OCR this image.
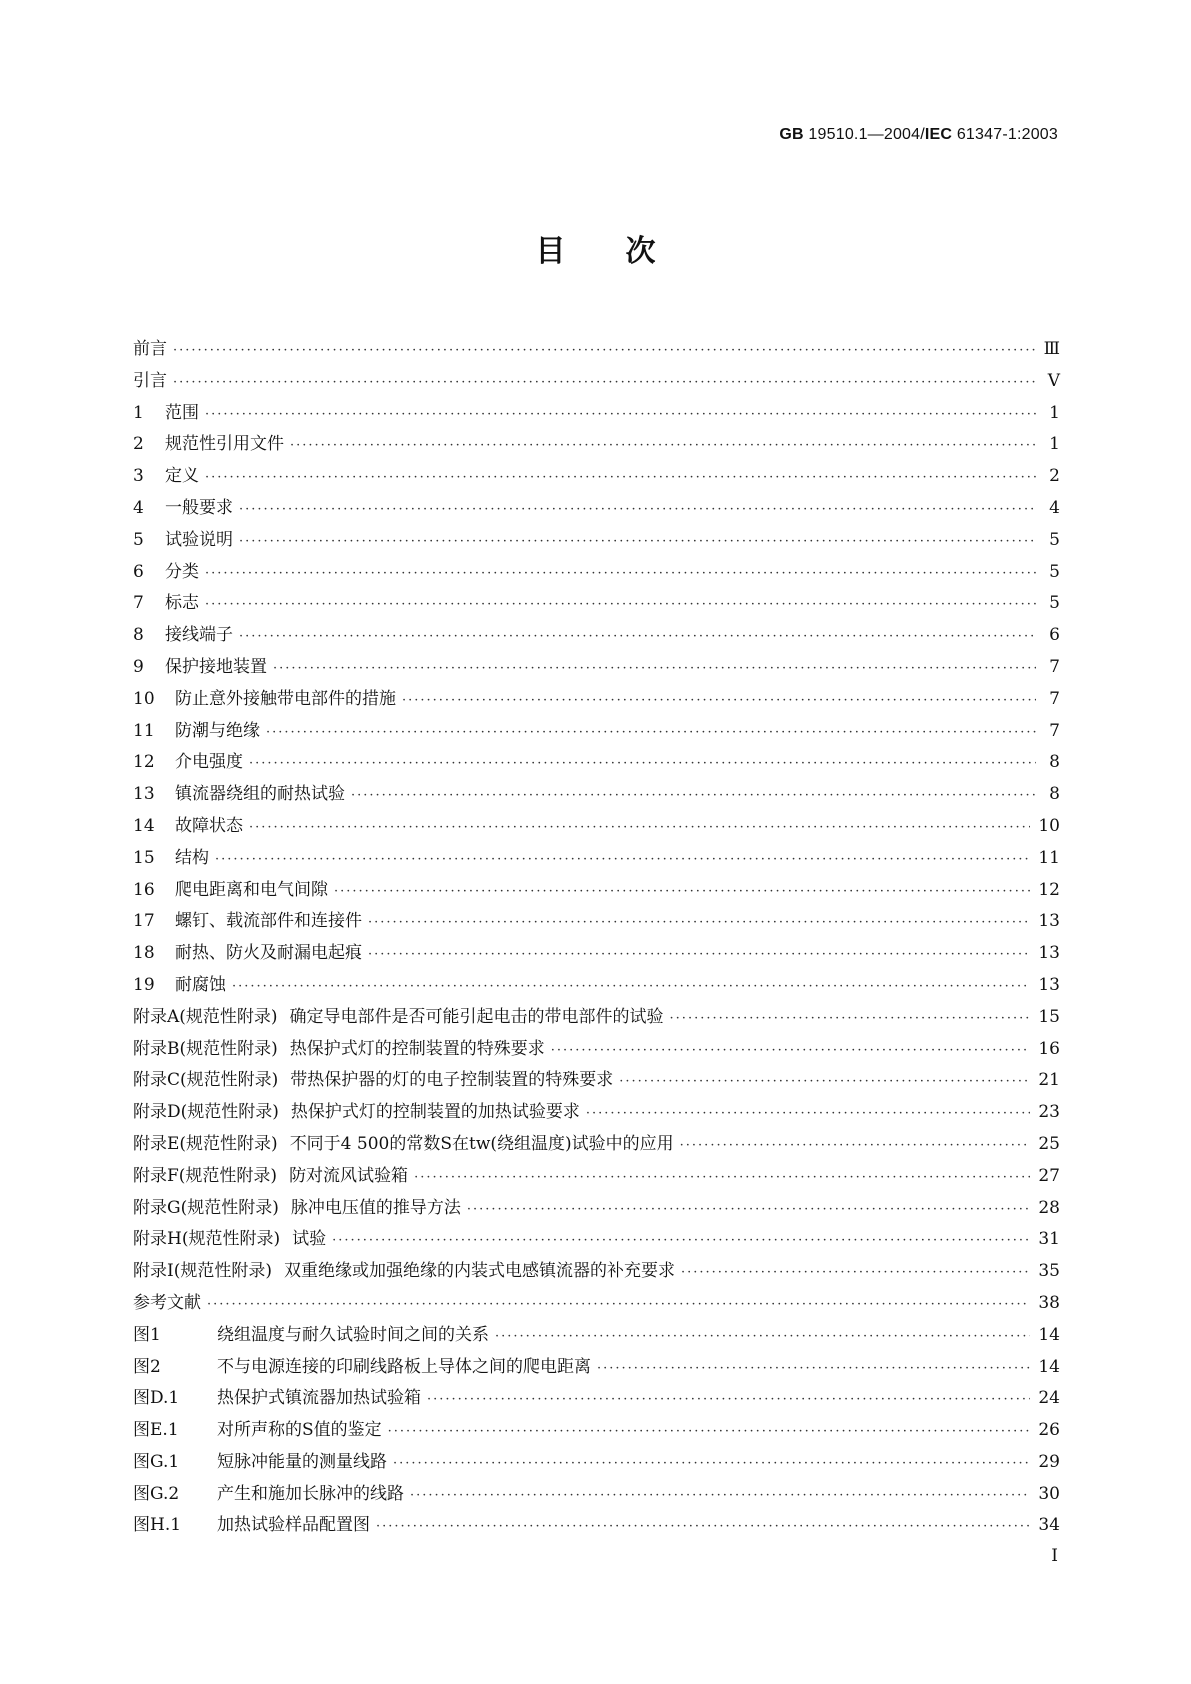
GB 19510.1—2004/IEC 61347-1:2003
目次
前言 ·····	Ⅲ
引言 ·····	Ⅴ
1 范围 ·····	1
2 规范性引用文件 ·····	1
3 定义 ·····	2
4 一般要求 ·····	4
5 试验说明 ·····	5
6 分类 ·····	5
7 标志 ·····	5
8 接线端子 ·····	6
9 保护接地装置 ·····	7
10 防止意外接触带电部件的措施 ·····	7
11 防潮与绝缘 ·····	7
12 介电强度 ·····	8
13 镇流器绕组的耐热试验 ·····	8
14 故障状态 ·····	10
15 结构 ·····	11
16 爬电距离和电气间隙 ·····	12
17 螺钉、载流部件和连接件 ·····	13
18 耐热、防火及耐漏电起痕 ·····	13
19 耐腐蚀 ·····	13
附录A(规范性附录) 确定导电部件是否可能引起电击的带电部件的试验 ·····	15
附录B(规范性附录) 热保护式灯的控制装置的特殊要求 ·····	16
附录C(规范性附录) 带热保护器的灯的电子控制装置的特殊要求 ·····	21
附录D(规范性附录) 热保护式灯的控制装置的加热试验要求 ·····	23
附录E(规范性附录) 不同于4 500的常数S在tw(绕组温度)试验中的应用 ·····	25
附录F(规范性附录) 防对流风试验箱 ·····	27
附录G(规范性附录) 脉冲电压值的推导方法 ·····	28
附录H(规范性附录) 试验 ·····	31
附录I(规范性附录) 双重绝缘或加强绝缘的内装式电感镇流器的补充要求 ·····	35
参考文献 ·····	38
图1	绕组温度与耐久试验时间之间的关系 ·····	14
图2	不与电源连接的印刷线路板上导体之间的爬电距离 ·····	14
图D.1 热保护式镇流器加热试验箱 ·····	24
图E.1 对所声称的S值的鉴定 ·····	26
图G.1 短脉冲能量的测量线路 ·····	29
图G.2 产生和施加长脉冲的线路 ·····	30
图H.1 加热试验样品配置图 ·····	34
I
